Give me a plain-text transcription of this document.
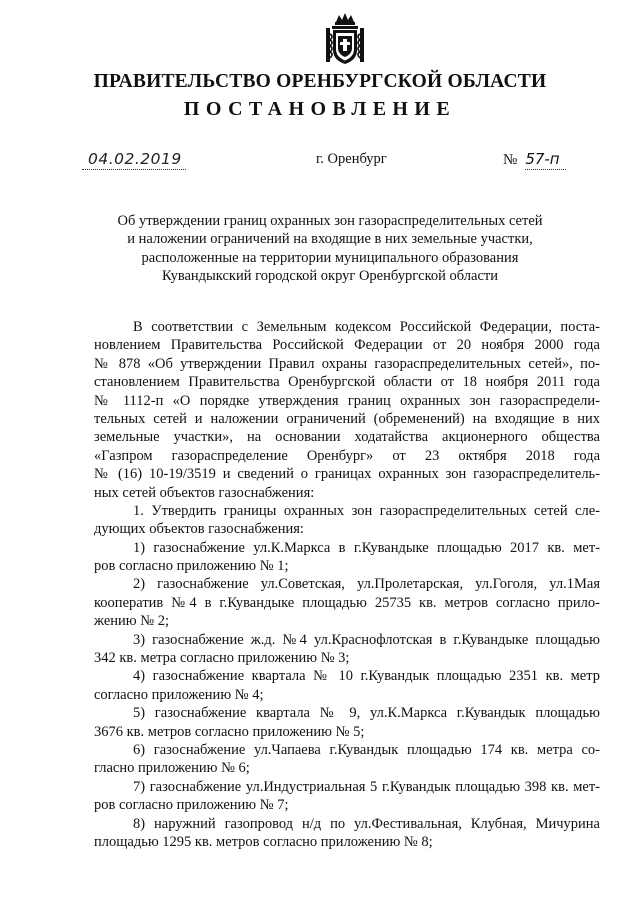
ПРАВИТЕЛЬСТВО ОРЕНБУРГСКОЙ ОБЛАСТИ
ПОСТАНОВЛЕНИЕ
04.02.2019	г. Оренбург	№ 57-п
Об утверждении границ охранных зон газораспределительных сетей
и наложении ограничений на входящие в них земельные участки,
расположенные на территории муниципального образования
Кувандыкский городской округ Оренбургской области
В соответствии с Земельным кодексом Российской Федерации, поста-
новлением Правительства Российской Федерации от 20 ноября 2000 года
№ 878 «Об утверждении Правил охраны газораспределительных сетей», по-
становлением Правительства Оренбургской области от 18 ноября 2011 года
№ 1112-п «О порядке утверждения границ охранных зон газораспредели-
тельных сетей и наложении ограничений (обременений) на входящие в них
земельные участки», на основании ходатайства акционерного общества
«Газпром газораспределение Оренбург» от 23 октября 2018 года
№ (16) 10-19/3519 и сведений о границах охранных зон газораспределитель-
ных сетей объектов газоснабжения:
1. Утвердить границы охранных зон газораспределительных сетей сле-
дующих объектов газоснабжения:
1) газоснабжение ул.К.Маркса в г.Кувандыке площадью 2017 кв. мет-
ров согласно приложению № 1;
2) газоснабжение ул.Советская, ул.Пролетарская, ул.Гоголя, ул.1Мая
кооператив №4 в г.Кувандыке площадью 25735 кв. метров согласно прило-
жению № 2;
3) газоснабжение ж.д. №4 ул.Краснофлотская в г.Кувандыке площадью
342 кв. метра согласно приложению № 3;
4) газоснабжение квартала № 10 г.Кувандык площадью 2351 кв. метр
согласно приложению № 4;
5) газоснабжение квартала № 9, ул.К.Маркса г.Кувандык площадью
3676 кв. метров согласно приложению № 5;
6) газоснабжение ул.Чапаева г.Кувандык площадью 174 кв. метра со-
гласно приложению № 6;
7) газоснабжение ул.Индустриальная 5 г.Кувандык площадью 398 кв. мет-
ров согласно приложению № 7;
8) наружний газопровод н/д по ул.Фестивальная, Клубная, Мичурина
площадью 1295 кв. метров согласно приложению № 8;
